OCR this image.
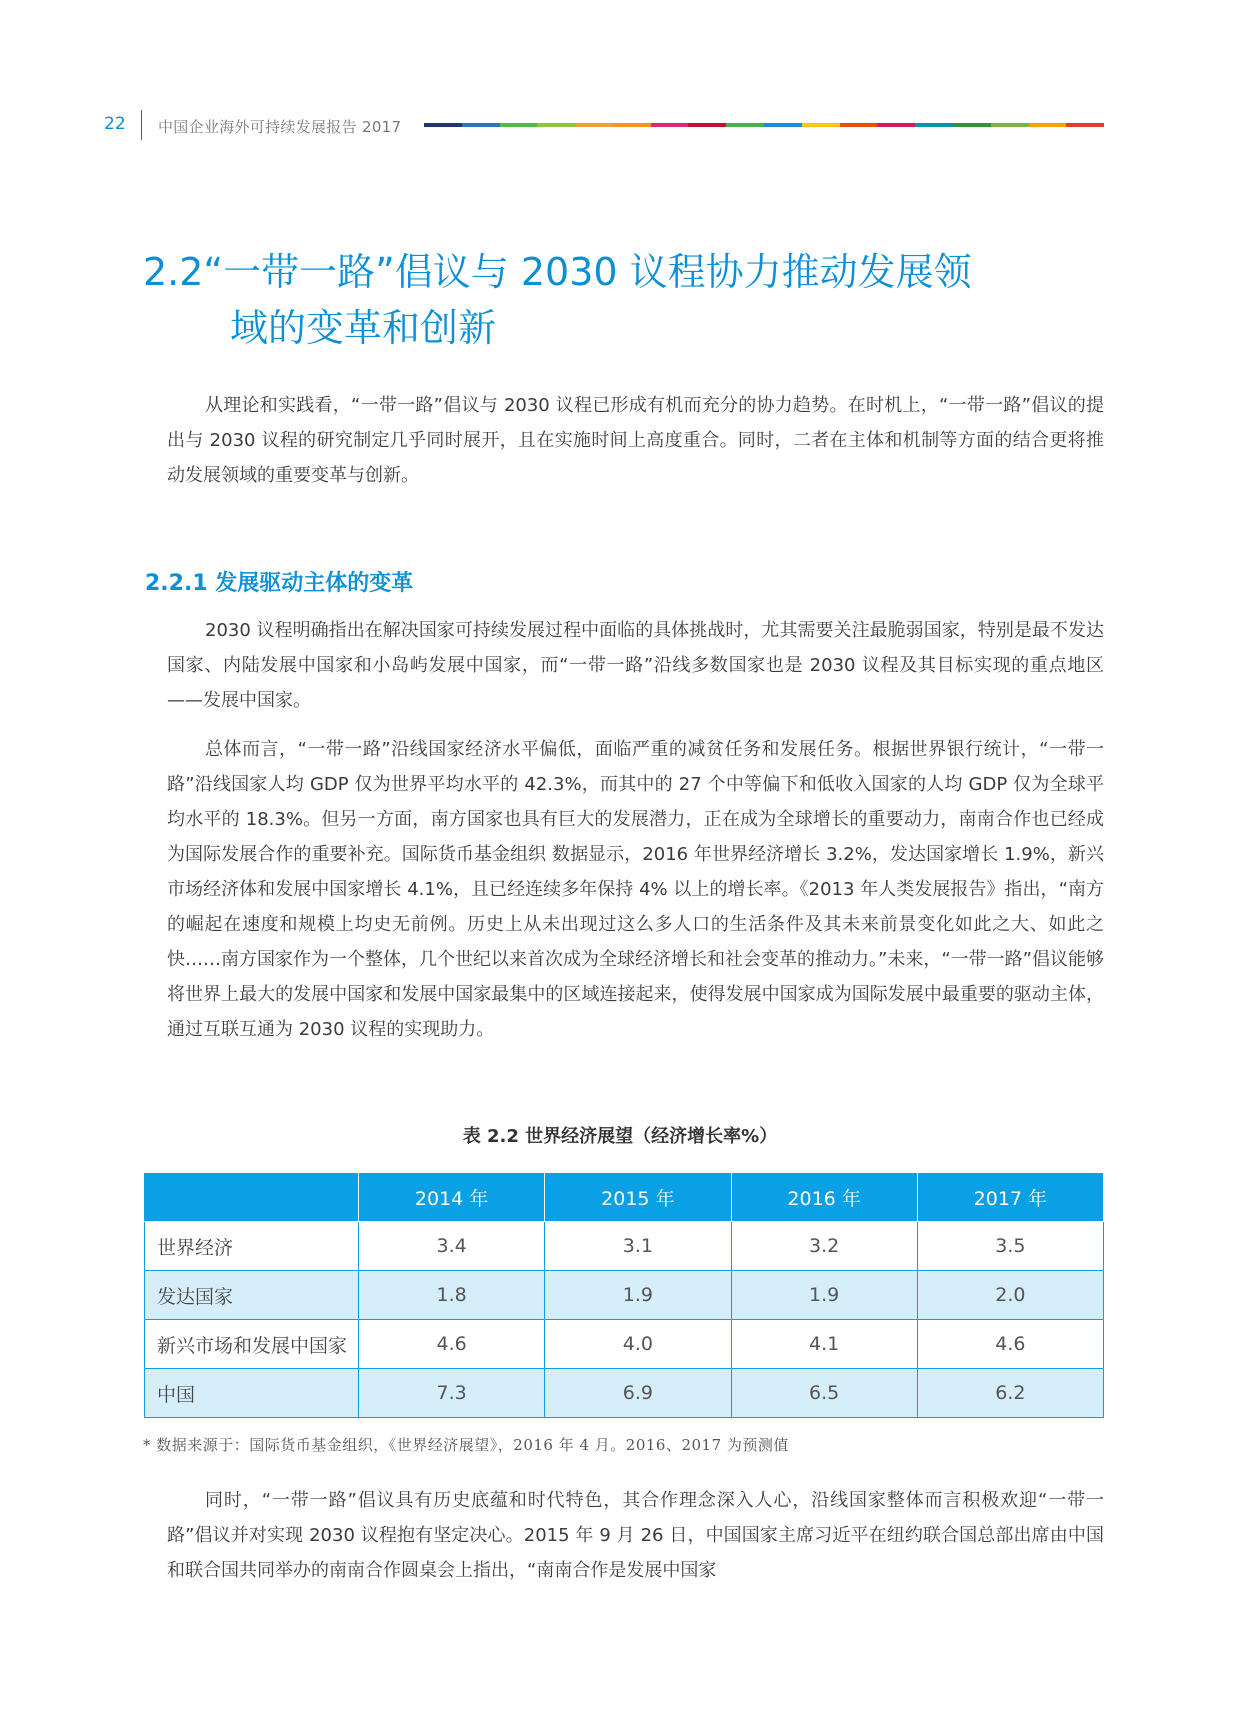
22 中国企业海外可持续发展报告 2017
2.2“一带一路”倡议与 2030 议程协力推动发展领
域的变革和创新

从理论和实践看，“一带一路”倡议与 2030 议程已形成有机而充分的协力趋势。在时机上，“一带一路”倡议的提出与 2030 议程的研究制定几乎同时展开，且在实施时间上高度重合。同时，二者在主体和机制等方面的结合更将推动发展领域的重要变革与创新。

2.2.1 发展驱动主体的变革

2030 议程明确指出在解决国家可持续发展过程中面临的具体挑战时，尤其需要关注最脆弱国家，特别是最不发达国家、内陆发展中国家和小岛屿发展中国家，而“一带一路”沿线多数国家也是 2030 议程及其目标实现的重点地区——发展中国家。

总体而言，“一带一路”沿线国家经济水平偏低，面临严重的减贫任务和发展任务。根据世界银行统计，“一带一路”沿线国家人均 GDP 仅为世界平均水平的 42.3%，而其中的 27 个中等偏下和低收入国家的人均 GDP 仅为全球平均水平的 18.3%。但另一方面，南方国家也具有巨大的发展潜力，正在成为全球增长的重要动力，南南合作也已经成为国际发展合作的重要补充。国际货币基金组织 数据显示，2016 年世界经济增长 3.2%，发达国家增长 1.9%，新兴市场经济体和发展中国家增长 4.1%，且已经连续多年保持 4% 以上的增长率。《2013 年人类发展报告》指出，“南方的崛起在速度和规模上均史无前例。历史上从未出现过这么多人口的生活条件及其未来前景变化如此之大、如此之快……南方国家作为一个整体，几个世纪以来首次成为全球经济增长和社会变革的推动力。”未来，“一带一路”倡议能够将世界上最大的发展中国家和发展中国家最集中的区域连接起来，使得发展中国家成为国际发展中最重要的驱动主体，通过互联互通为 2030 议程的实现助力。

表 2.2 世界经济展望（经济增长率%）

	2014 年	2015 年	2016 年	2017 年
世界经济	3.4	3.1	3.2	3.5
发达国家	1.8	1.9	1.9	2.0
新兴市场和发展中国家	4.6	4.0	4.1	4.6
中国	7.3	6.9	6.5	6.2

* 数据来源于：国际货币基金组织，《世界经济展望》，2016 年 4 月。2016、2017 为预测值

同时，“一带一路”倡议具有历史底蕴和时代特色，其合作理念深入人心，沿线国家整体而言积极欢迎“一带一路”倡议并对实现 2030 议程抱有坚定决心。2015 年 9 月 26 日，中国国家主席习近平在纽约联合国总部出席由中国和联合国共同举办的南南合作圆桌会上指出，“南南合作是发展中国家
